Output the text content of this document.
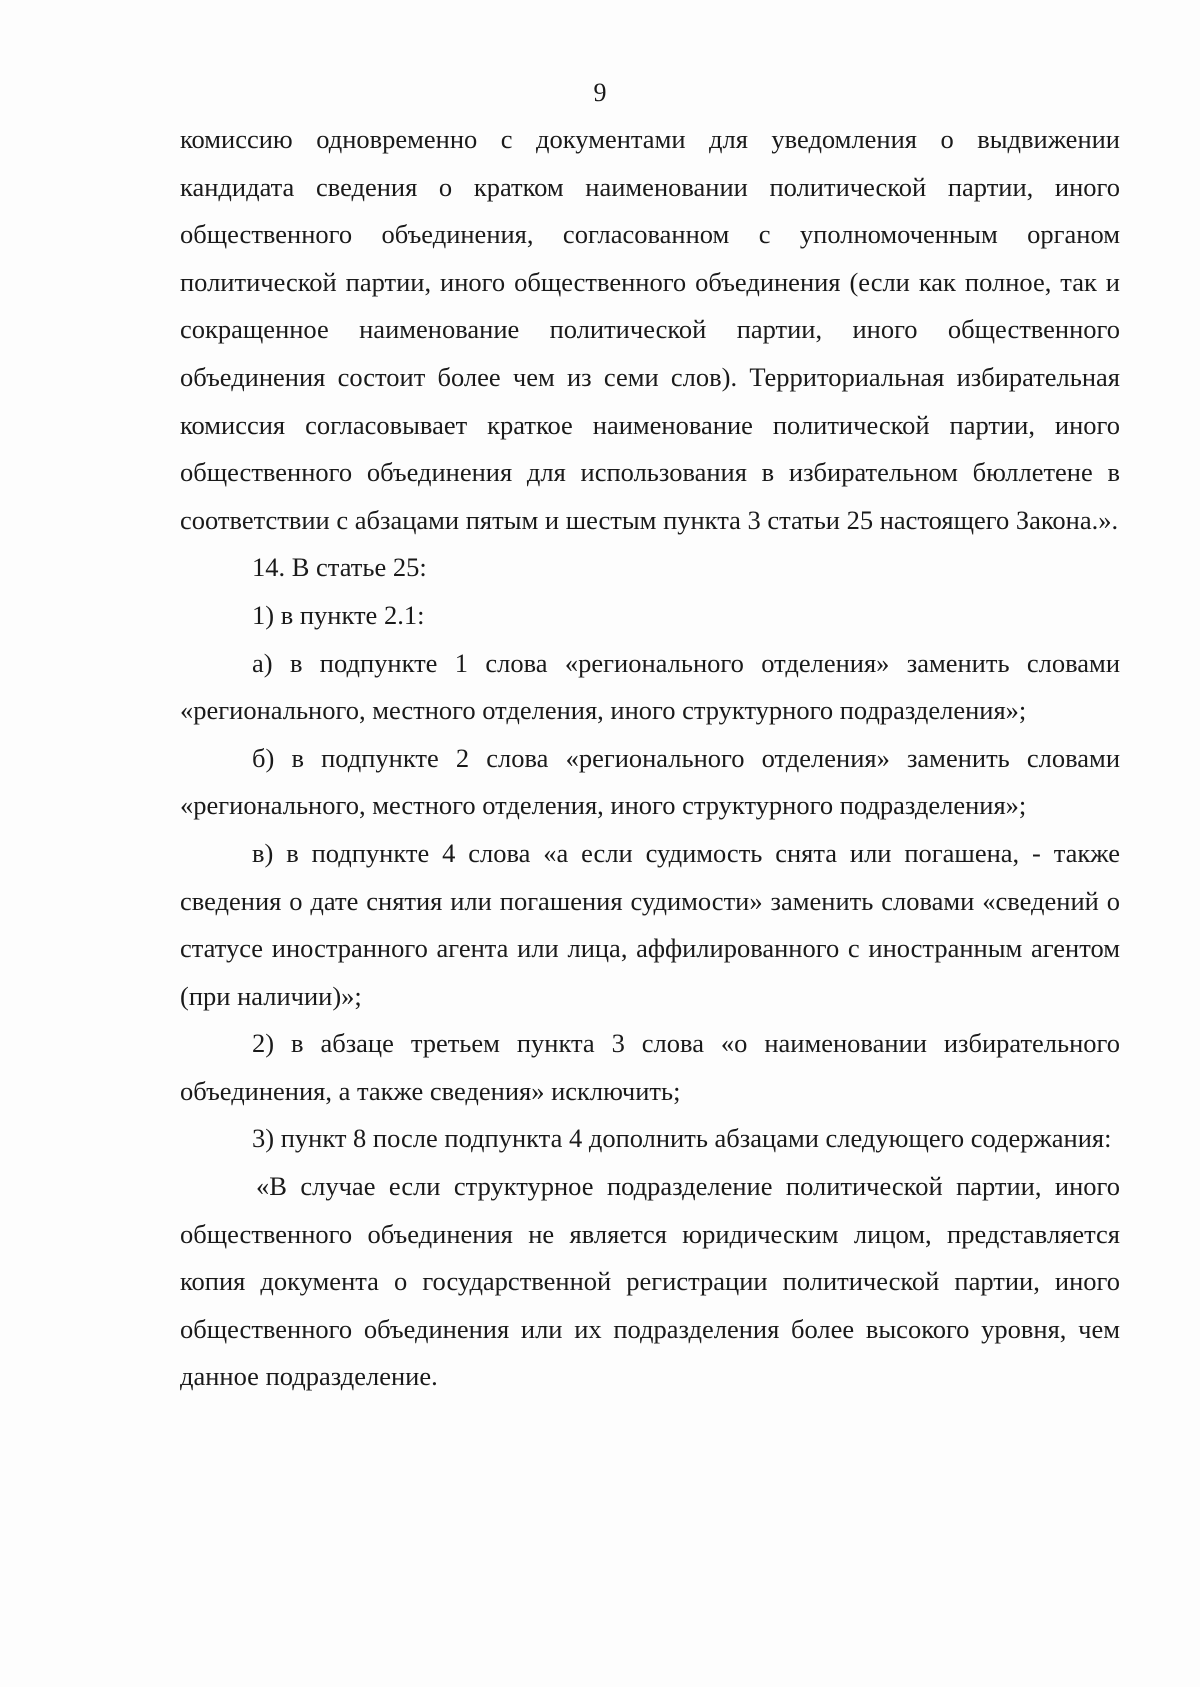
9

комиссию одновременно с документами для уведомления о выдвижении кандидата сведения о кратком наименовании политической партии, иного общественного объединения, согласованном с уполномоченным органом политической партии, иного общественного объединения (если как полное, так и сокращенное наименование политической партии, иного общественного объединения состоит более чем из семи слов). Территориальная избирательная комиссия согласовывает краткое наименование политической партии, иного общественного объединения для использования в избирательном бюллетене в соответствии с абзацами пятым и шестым пункта 3 статьи 25 настоящего Закона.».

14. В статье 25:

1) в пункте 2.1:

а) в подпункте 1 слова «регионального отделения» заменить словами «регионального, местного отделения, иного структурного подразделения»;

б) в подпункте 2 слова «регионального отделения» заменить словами «регионального, местного отделения, иного структурного подразделения»;

в) в подпункте 4 слова «а если судимость снята или погашена, - также сведения о дате снятия или погашения судимости» заменить словами «сведений о статусе иностранного агента или лица, аффилированного с иностранным агентом (при наличии)»;

2) в абзаце третьем пункта 3 слова «о наименовании избирательного объединения, а также сведения» исключить;

3) пункт 8 после подпункта 4 дополнить абзацами следующего содержания:

«В случае если структурное подразделение политической партии, иного общественного объединения не является юридическим лицом, представляется копия документа о государственной регистрации политической партии, иного общественного объединения или их подразделения более высокого уровня, чем данное подразделение.
